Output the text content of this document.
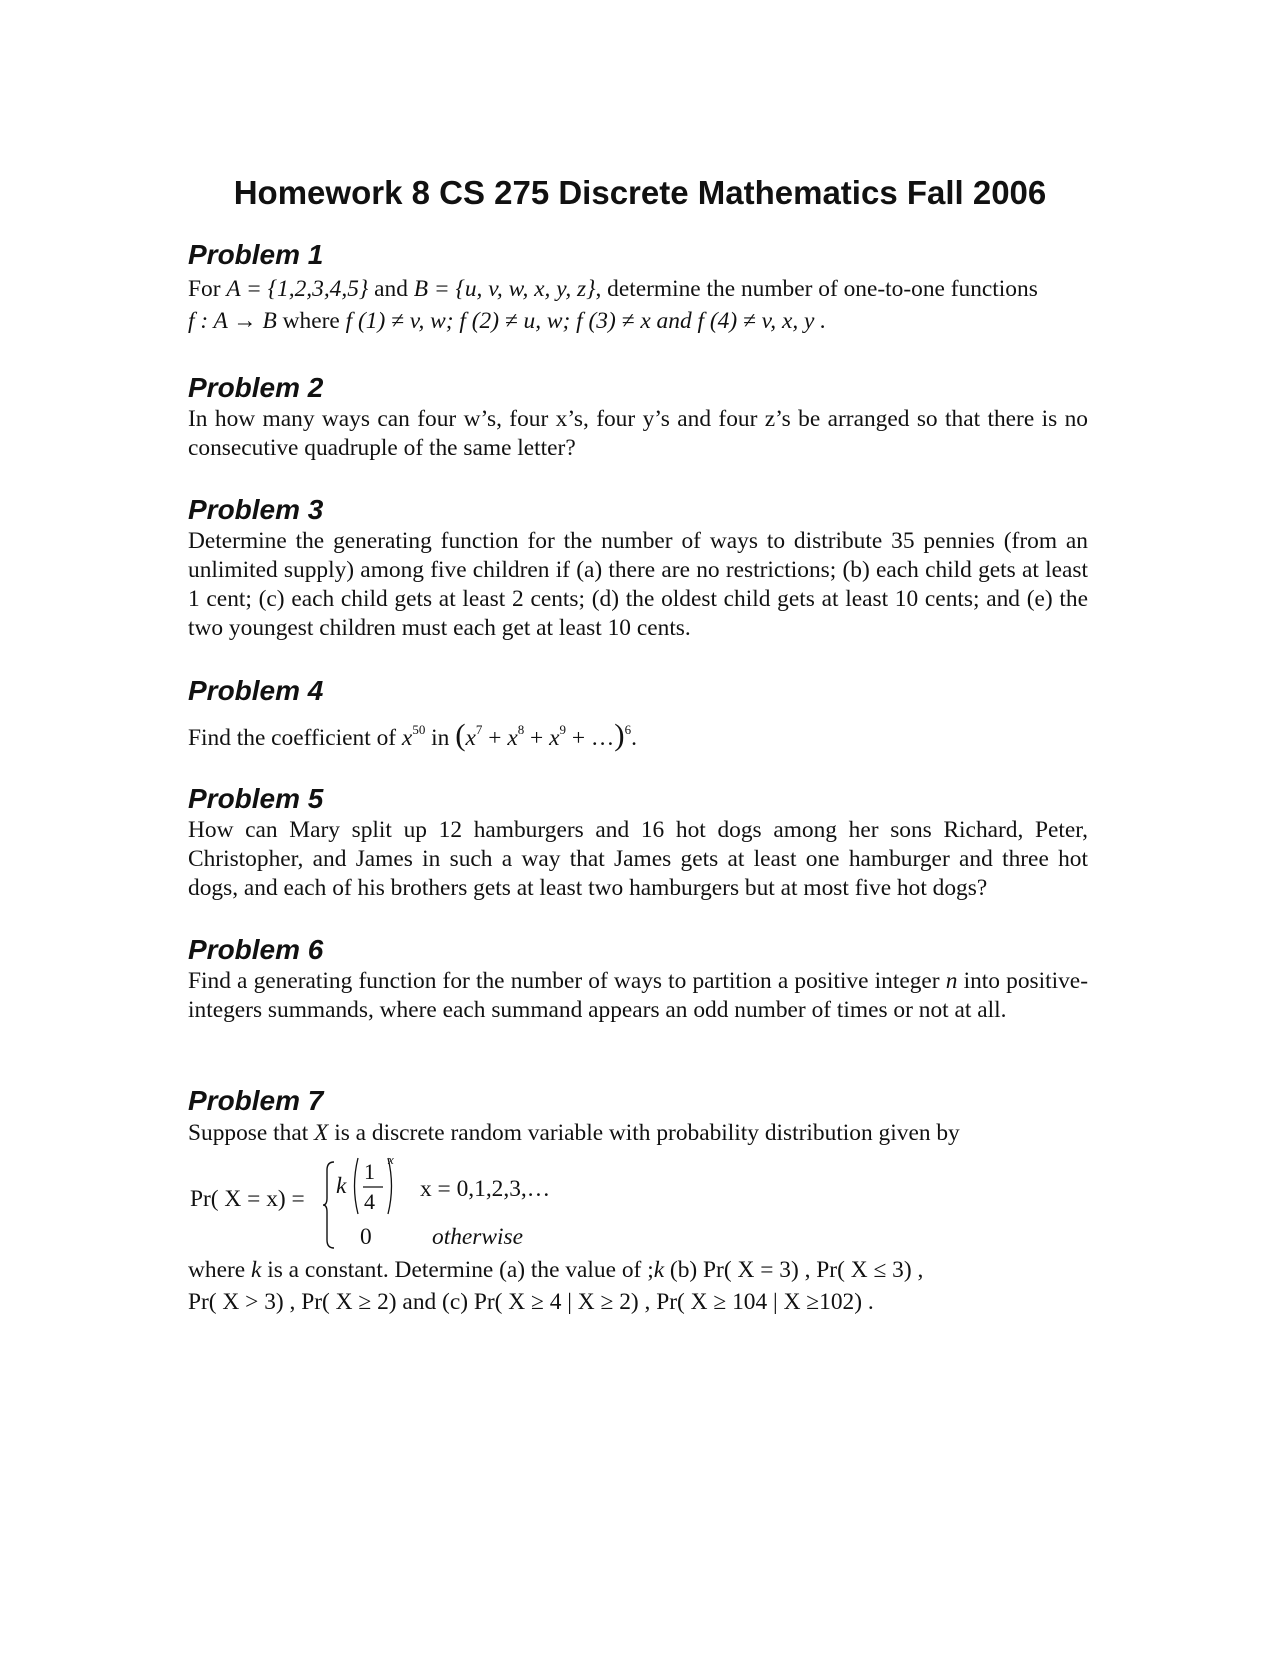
Homework 8 CS 275 Discrete Mathematics Fall 2006
Problem 1
For A = {1,2,3,4,5} and B = {u, v, w, x, y, z}, determine the number of one-to-one functions
f : A → B where f (1) ≠ v, w; f (2) ≠ u, w; f (3) ≠ x and f (4) ≠ v, x, y .
Problem 2

In how many ways can four w’s, four x’s, four y’s and four z’s be arranged so that there is no consecutive quadruple of the same letter?

Problem 3

Determine the generating function for the number of ways to distribute 35 pennies (from an unlimited supply) among five children if (a) there are no restrictions; (b) each child gets at least 1 cent; (c) each child gets at least 2 cents; (d) the oldest child gets at least 10 cents; and (e) the two youngest children must each get at least 10 cents.

Problem 4
Find the coefficient of $x^{50}$ in ($x^7 + x^8 + x^9$ + …)$^6$.
Problem 5

How can Mary split up 12 hamburgers and 16 hot dogs among her sons Richard, Peter, Christopher, and James in such a way that James gets at least one hamburger and three hot dogs, and each of his brothers gets at least two hamburgers but at most five hot dogs?

Problem 6

Find a generating function for the number of ways to partition a positive integer n into positive-integers summands, where each summand appears an odd number of times or not at all.

Problem 7
Suppose that X is a discrete random variable with probability distribution given by
Pr( X = x) = k
1
4
x
x = 0,1,2,3,…
0	otherwise
where k is a constant. Determine (a) the value of ;k (b) Pr( X = 3) , Pr( X ≤ 3) ,
Pr( X > 3) , Pr( X ≥ 2) and (c) Pr( X ≥ 4 | X ≥ 2) , Pr( X ≥ 104 | X ≥102) .
